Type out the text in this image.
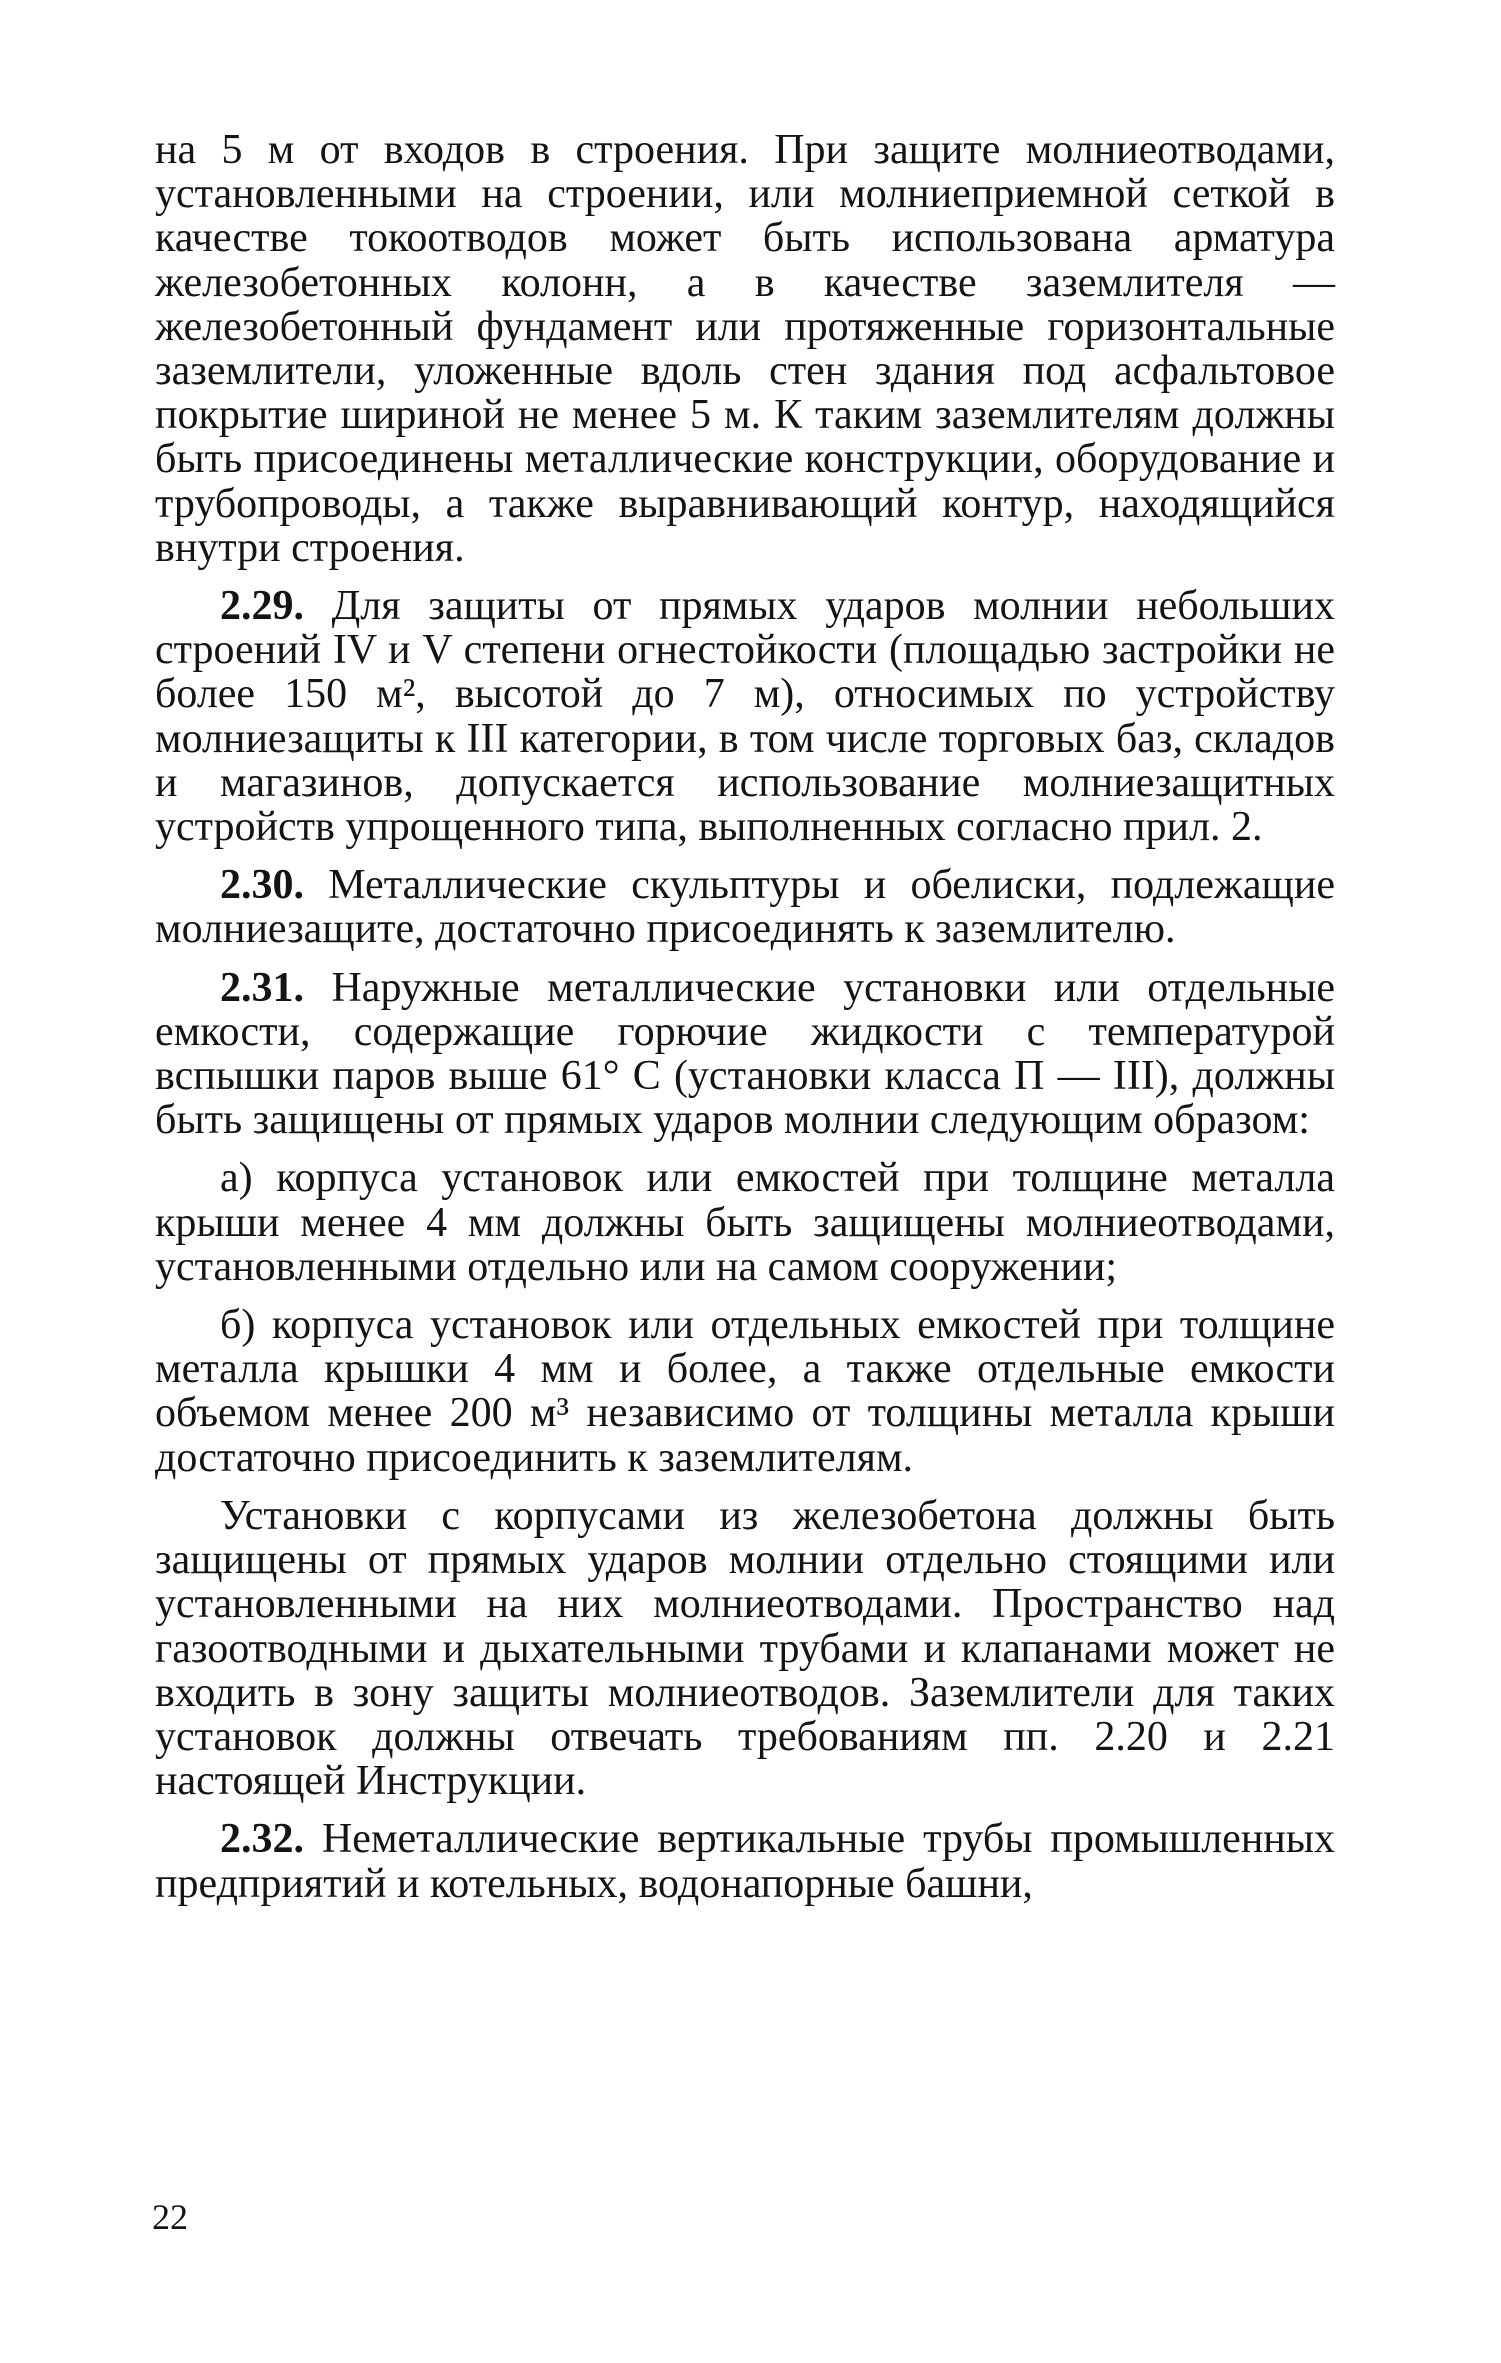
на 5 м от входов в строения. При защите молниеотводами, установленными на строении, или молниеприемной сеткой в качестве токоотводов может быть использована арматура железобетонных колонн, а в качестве заземлителя — железобетонный фундамент или протяженные горизонтальные заземлители, уложенные вдоль стен здания под асфальтовое покрытие шириной не менее 5 м. К таким заземлителям должны быть присоединены металлические конструкции, оборудование и трубопроводы, а также выравнивающий контур, находящийся внутри строения.

2.29. Для защиты от прямых ударов молнии небольших строений IV и V степени огнестойкости (площадью застройки не более 150 м², высотой до 7 м), относимых по устройству молниезащиты к III категории, в том числе торговых баз, складов и магазинов, допускается использование молниезащитных устройств упрощенного типа, выполненных согласно прил. 2.

2.30. Металлические скульптуры и обелиски, подлежащие молниезащите, достаточно присоединять к заземлителю.

2.31. Наружные металлические установки или отдельные емкости, содержащие горючие жидкости с температурой вспышки паров выше 61° С (установки класса П — III), должны быть защищены от прямых ударов молнии следующим образом:

а) корпуса установок или емкостей при толщине металла крыши менее 4 мм должны быть защищены молниеотводами, установленными отдельно или на самом сооружении;

б) корпуса установок или отдельных емкостей при толщине металла крышки 4 мм и более, а также отдельные емкости объемом менее 200 м³ независимо от толщины металла крыши достаточно присоединить к заземлителям.

Установки с корпусами из железобетона должны быть защищены от прямых ударов молнии отдельно стоящими или установленными на них молниеотводами. Пространство над газоотводными и дыхательными трубами и клапанами может не входить в зону защиты молниеотводов. Заземлители для таких установок должны отвечать требованиям пп. 2.20 и 2.21 настоящей Инструкции.

2.32. Неметаллические вертикальные трубы промышленных предприятий и котельных, водонапорные башни,

22
